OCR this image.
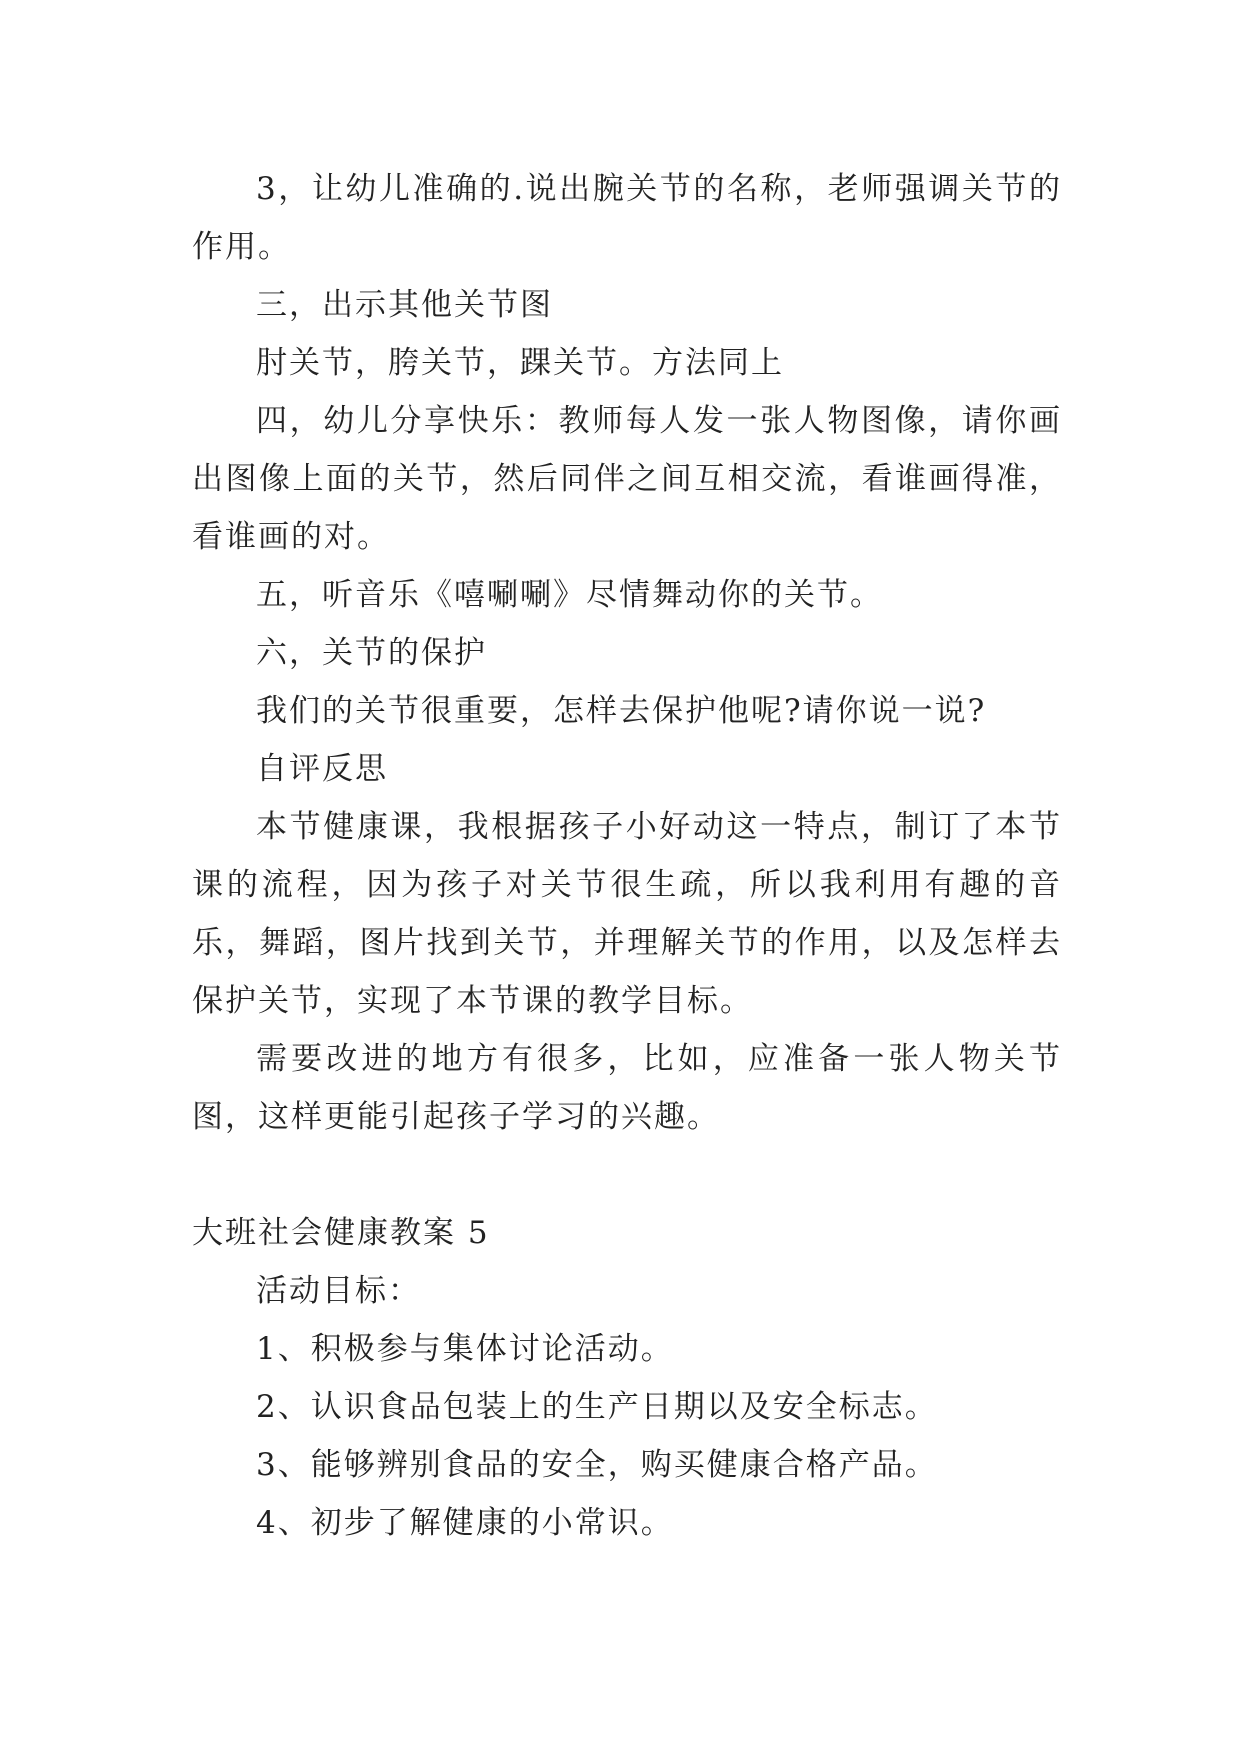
3，让幼儿准确的.说出腕关节的名称，老师强调关节的作用。

三，出示其他关节图

肘关节，胯关节，踝关节。方法同上

四，幼儿分享快乐：教师每人发一张人物图像，请你画出图像上面的关节，然后同伴之间互相交流，看谁画得准，看谁画的对。

五，听音乐《嘻唰唰》尽情舞动你的关节。

六，关节的保护

我们的关节很重要，怎样去保护他呢?请你说一说?

自评反思

本节健康课，我根据孩子小好动这一特点，制订了本节课的流程，因为孩子对关节很生疏，所以我利用有趣的音乐，舞蹈，图片找到关节，并理解关节的作用，以及怎样去保护关节，实现了本节课的教学目标。

需要改进的地方有很多，比如，应准备一张人物关节图，这样更能引起孩子学习的兴趣。

大班社会健康教案 5

活动目标：

1、积极参与集体讨论活动。

2、认识食品包装上的生产日期以及安全标志。

3、能够辨别食品的安全，购买健康合格产品。

4、初步了解健康的小常识。
